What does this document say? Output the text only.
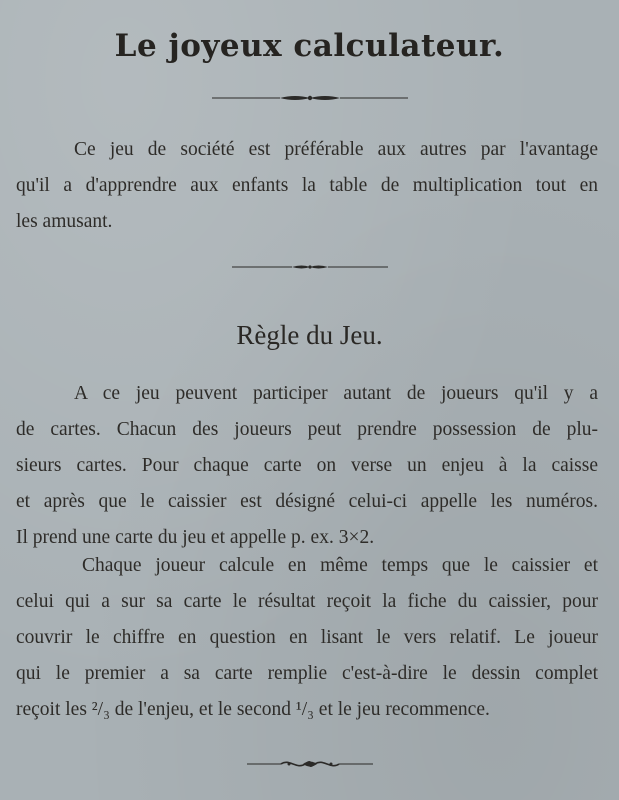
Le joyeux calculateur.
Ce jeu de société est préférable aux autres par l'avantage
qu'il a d'apprendre aux enfants la table de multiplication tout en
les amusant.
Règle du Jeu.
A ce jeu peuvent participer autant de joueurs qu'il y a
de cartes. Chacun des joueurs peut prendre possession de plu-
sieurs cartes. Pour chaque carte on verse un enjeu à la caisse
et après que le caissier est désigné celui-ci appelle les numéros.
Il prend une carte du jeu et appelle p. ex. 3×2.
Chaque joueur calcule en même temps que le caissier et
celui qui a sur sa carte le résultat reçoit la fiche du caissier, pour
couvrir le chiffre en question en lisant le vers relatif. Le joueur
qui le premier a sa carte remplie c'est-à-dire le dessin complet
reçoit les ²/₃ de l'enjeu, et le second ¹/₃ et le jeu recommence.
